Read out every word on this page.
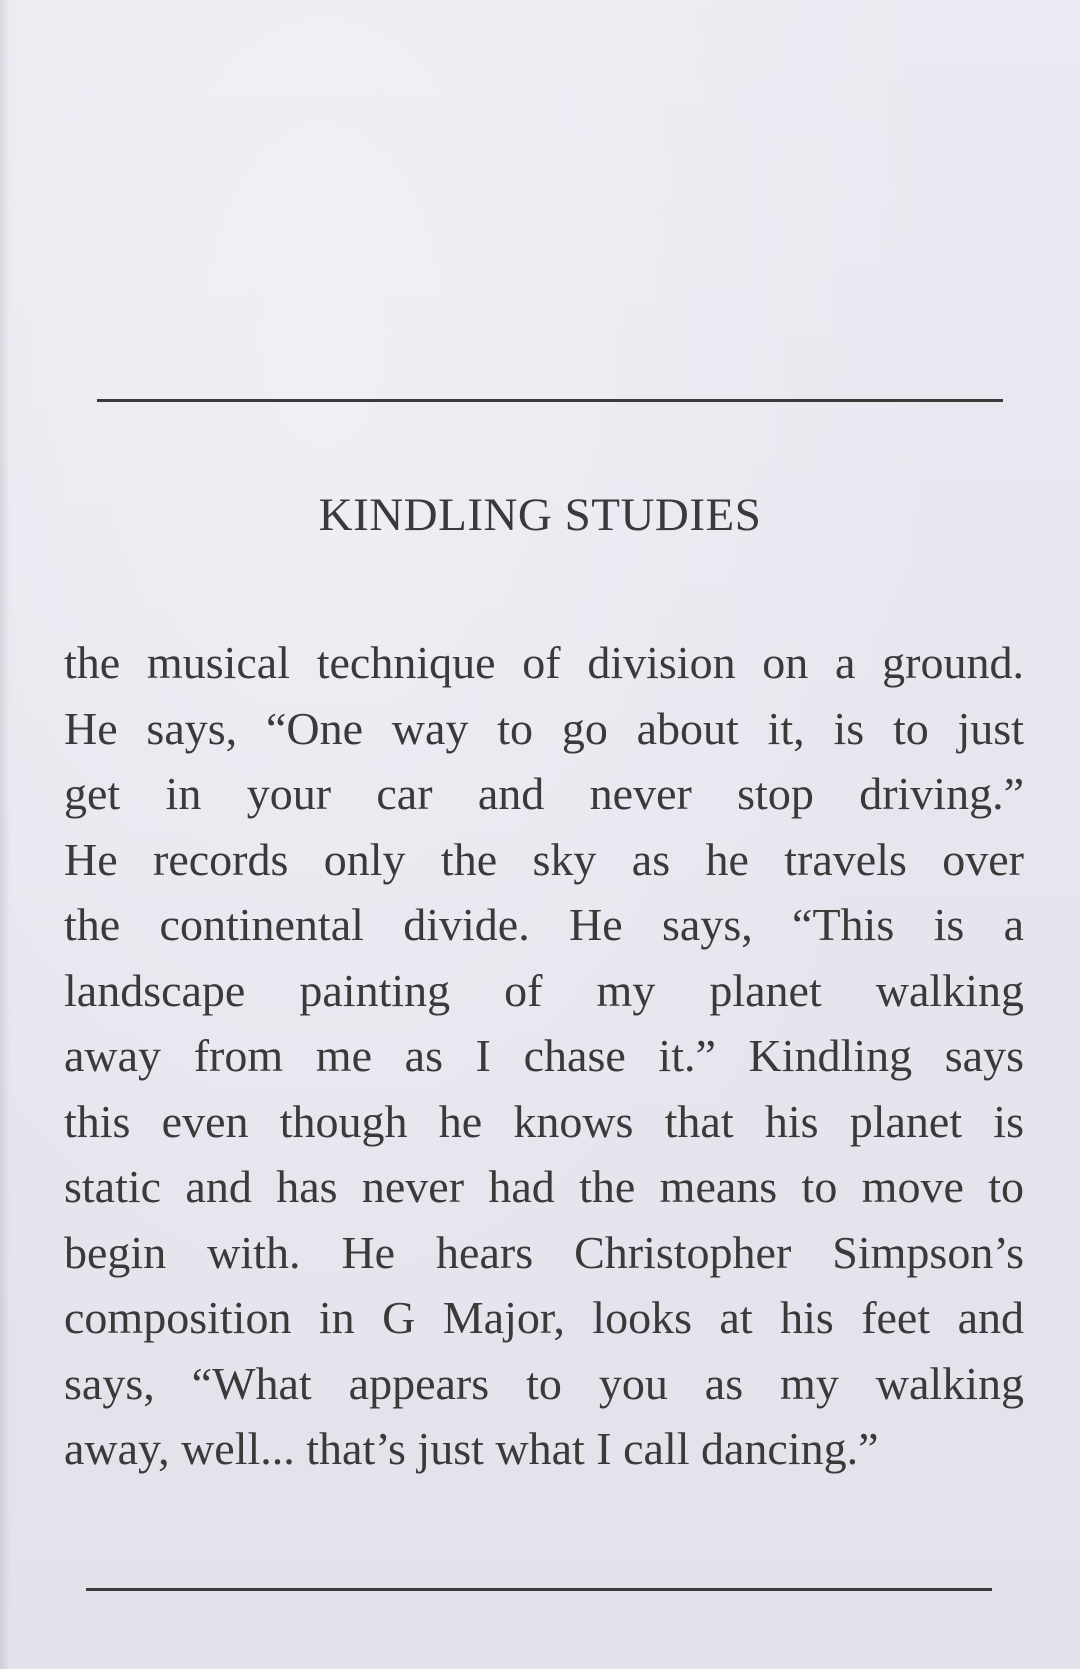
KINDLING STUDIES
the musical technique of division on a ground.
He says, “One way to go about it, is to just
get in your car and never stop driving.”
He records only the sky as he travels over
the continental divide. He says, “This is a
landscape painting of my planet walking
away from me as I chase it.” Kindling says
this even though he knows that his planet is
static and has never had the means to move to
begin with. He hears Christopher Simpson’s
composition in G Major, looks at his feet and
says, “What appears to you as my walking
away, well... that’s just what I call dancing.”
